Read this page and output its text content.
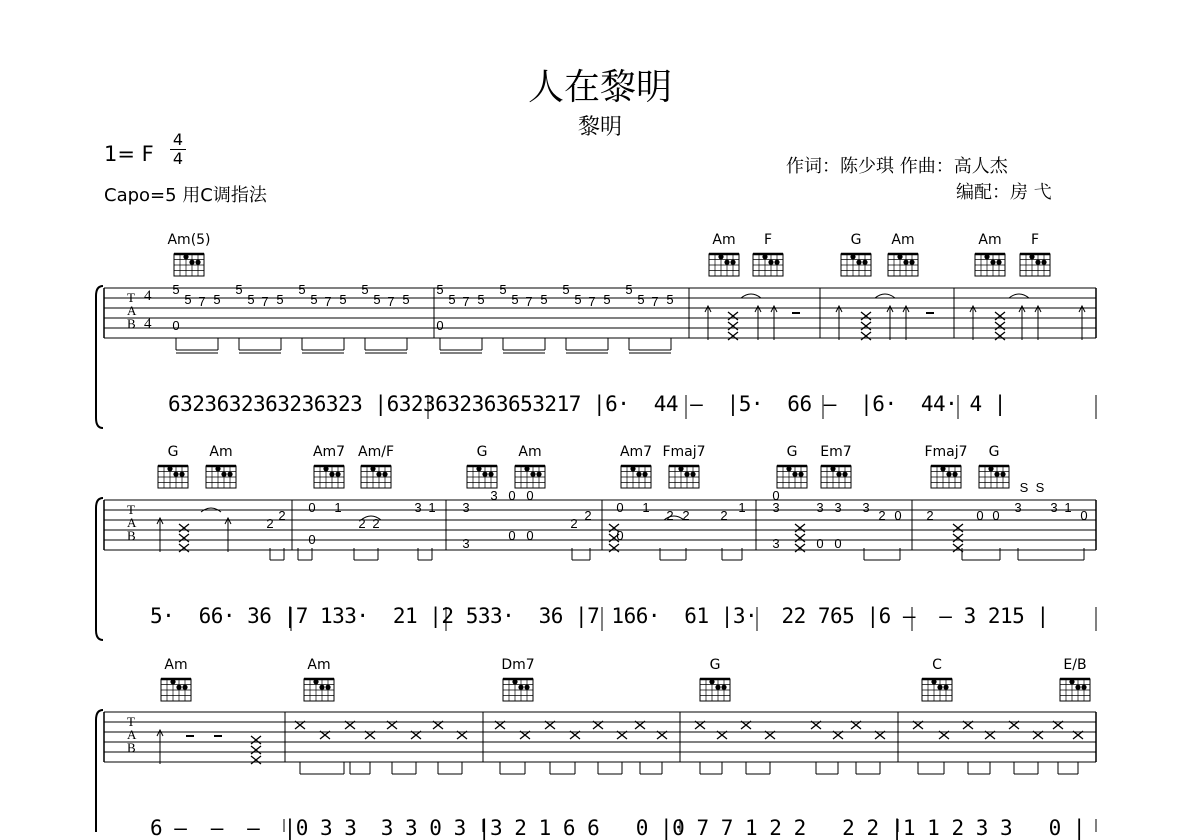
人在黎明
黎明
1= F
4
4
Capo=5 用C调指法
作词：陈少琪 作曲：高人杰
编配：房 弋
Am(5)	Am F	G Am	Am F
G Am	Am7 Am/F	G Am	Am7 Fmaj7	G Em7	Fmaj7 G
Am	Am	Dm7	G	C	E/B
T
A
B
T
A
B
T
A
B
4
4
5
5 7 5
5
5 7 5
5
5 7 5
5
5 7 5
0
5
5 7 5
5
5 7 5
5
5 7 5
5
5 7 5
0
2
2
0
0
1
2 2
3 1 3
3
3 0 0
0 0
2
2
0
0
1
2 2 2
1
0
3
3
3 3
0 0
3
2 0 2	0 0
3 3 1
0
S S
6323632363236323 |6323632363653217 |6·  44 —  |5·  66 —  |6·  44· 4 |
5·  66· 36 |7 133·  21 |2 533·  36 |7 166·  61 |3·  22 765 |6 —  — 3 215 |
6 —  —  —  |0 3 3  3 3 0 3 |3 2 1 6 6   0 |0 7 7 1 2 2   2 2 |1 1 2 3 3   0 |
